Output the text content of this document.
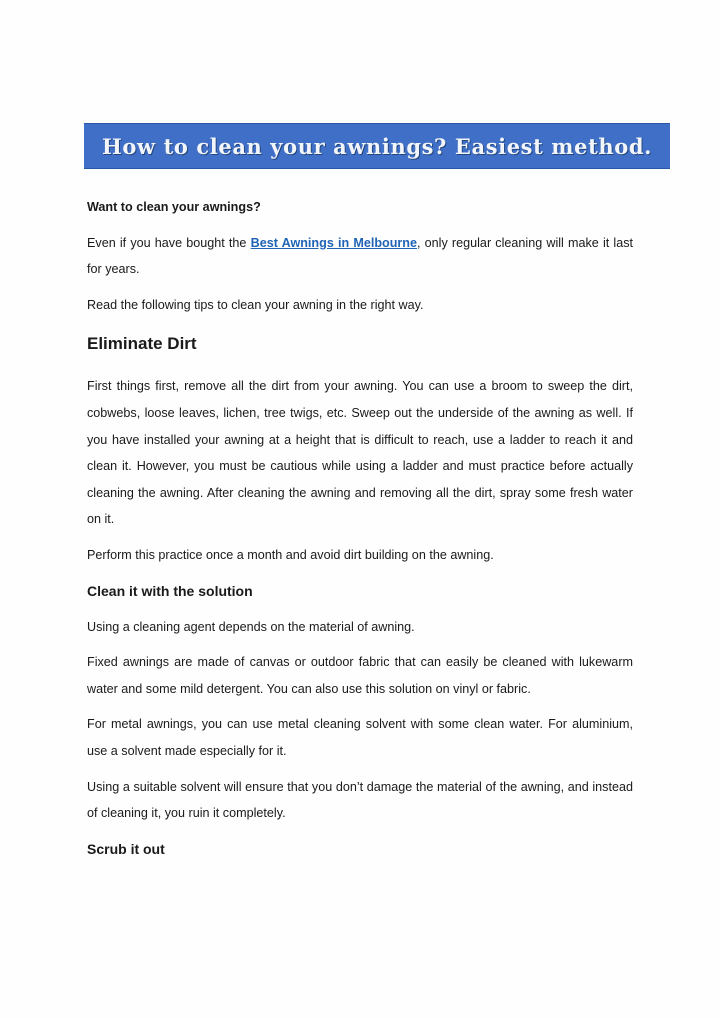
How to clean your awnings? Easiest method.

Want to clean your awnings?

Even if you have bought the Best Awnings in Melbourne, only regular cleaning will make it last for years.

Read the following tips to clean your awning in the right way.

Eliminate Dirt

First things first, remove all the dirt from your awning. You can use a broom to sweep the dirt, cobwebs, loose leaves, lichen, tree twigs, etc. Sweep out the underside of the awning as well. If you have installed your awning at a height that is difficult to reach, use a ladder to reach it and clean it. However, you must be cautious while using a ladder and must practice before actually cleaning the awning. After cleaning the awning and removing all the dirt, spray some fresh water on it.

Perform this practice once a month and avoid dirt building on the awning.

Clean it with the solution

Using a cleaning agent depends on the material of awning.

Fixed awnings are made of canvas or outdoor fabric that can easily be cleaned with lukewarm water and some mild detergent. You can also use this solution on vinyl or fabric.

For metal awnings, you can use metal cleaning solvent with some clean water. For aluminium, use a solvent made especially for it.

Using a suitable solvent will ensure that you don’t damage the material of the awning, and instead of cleaning it, you ruin it completely.

Scrub it out
